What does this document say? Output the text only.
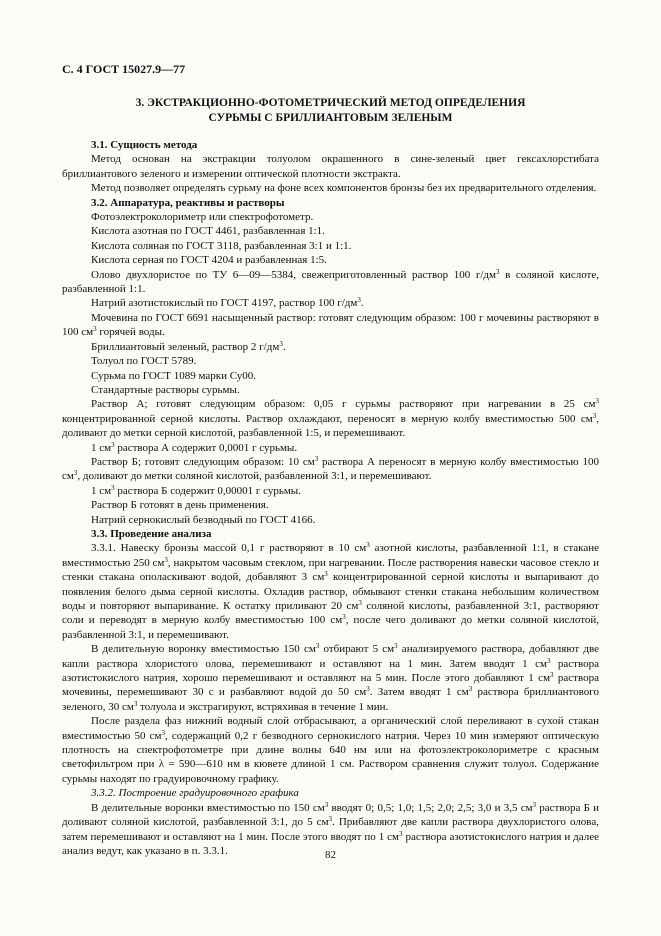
С. 4 ГОСТ 15027.9—77
3. ЭКСТРАКЦИОННО-ФОТОМЕТРИЧЕСКИЙ МЕТОД ОПРЕДЕЛЕНИЯ
СУРЬМЫ С БРИЛЛИАНТОВЫМ ЗЕЛЕНЫМ

3.1. Сущность метода

Метод основан на экстракции толуолом окрашенного в сине-зеленый цвет гексахлорстибата бриллиантового зеленого и измерении оптической плотности экстракта.

Метод позволяет определять сурьму на фоне всех компонентов бронзы без их предварительного отделения.

3.2. Аппаратура, реактивы и растворы

Фотоэлектроколориметр или спектрофотометр.

Кислота азотная по ГОСТ 4461, разбавленная 1:1.

Кислота соляная по ГОСТ 3118, разбавленная 3:1 и 1:1.

Кислота серная по ГОСТ 4204 и разбавленная 1:5.

Олово двухлористое по ТУ 6—09—5384, свежеприготовленный раствор 100 $г/дм^3$ в соляной кислоте, разбавленной 1:1.

Натрий азотистокислый по ГОСТ 4197, раствор 100 $г/дм^3$.

Мочевина по ГОСТ 6691 насыщенный раствор: готовят следующим образом: 100 г мочевины растворяют в 100 $см^3$ горячей воды.

Бриллиантовый зеленый, раствор 2 $г/дм^3$.

Толуол по ГОСТ 5789.

Сурьма по ГОСТ 1089 марки Су00.

Стандартные растворы сурьмы.

Раствор А; готовят следующим образом: 0,05 г сурьмы растворяют при нагревании в 25 $см^3$ концентрированной серной кислоты. Раствор охлаждают, переносят в мерную колбу вместимостью 500 $см^3$, доливают до метки серной кислотой, разбавленной 1:5, и перемешивают.

1 $см^3$ раствора А содержит 0,0001 г сурьмы.

Раствор Б; готовят следующим образом: 10 $см^3$ раствора А переносят в мерную колбу вместимостью 100 $см^3$, доливают до метки соляной кислотой, разбавленной 3:1, и перемешивают.

1 $см^3$ раствора Б содержит 0,00001 г сурьмы.

Раствор Б готовят в день применения.

Натрий сернокислый безводный по ГОСТ 4166.

3.3. Проведение анализа

3.3.1. Навеску бронзы массой 0,1 г растворяют в 10 $см^3$ азотной кислоты, разбавленной 1:1, в стакане вместимостью 250 $см^3$, накрытом часовым стеклом, при нагревании. После растворения навески часовое стекло и стенки стакана ополаскивают водой, добавляют 3 $см^3$ концентрированной серной кислоты и выпаривают до появления белого дыма серной кислоты. Охладив раствор, обмывают стенки стакана небольшим количеством воды и повторяют выпаривание. К остатку приливают 20 $см^3$ соляной кислоты, разбавленной 3:1, растворяют соли и переводят в мерную колбу вместимостью 100 $см^3$, после чего доливают до метки соляной кислотой, разбавленной 3:1, и перемешивают.

В делительную воронку вместимостью 150 $см^3$ отбирают 5 $см^3$ анализируемого раствора, добавляют две капли раствора хлористого олова, перемешивают и оставляют на 1 мин. Затем вводят 1 $см^3$ раствора азотистокислого натрия, хорошо перемешивают и оставляют на 5 мин. После этого добавляют 1 $см^3$ раствора мочевины, перемешивают 30 с и разбавляют водой до 50 $см^3$. Затем вводят 1 $см^3$ раствора бриллиантового зеленого, 30 $см^3$ толуола и экстрагируют, встряхивая в течение 1 мин.

После раздела фаз нижний водный слой отбрасывают, а органический слой переливают в сухой стакан вместимостью 50 $см^3$, содержащий 0,2 г безводного сернокислого натрия. Через 10 мин измеряют оптическую плотность на спектрофотометре при длине волны 640 нм или на фотоэлектроколориметре с красным светофильтром при λ = 590—610 нм в кювете длиной 1 см. Раствором сравнения служит толуол. Содержание сурьмы находят по градуировочному графику.

3.3.2. Построение градуировочного графика

В делительные воронки вместимостью по 150 $см^3$ вводят 0; 0,5; 1,0; 1,5; 2,0; 2,5; 3,0 и 3,5 $см^3$ раствора Б и доливают соляной кислотой, разбавленной 3:1, до 5 $см^3$. Прибавляют две капли раствора двухлористого олова, затем перемешивают и оставляют на 1 мин. После этого вводят по 1 $см^3$ раствора азотистокислого натрия и далее анализ ведут, как указано в п. 3.3.1.	82
